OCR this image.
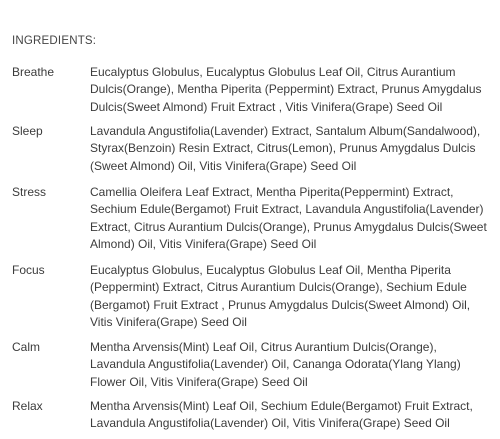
INGREDIENTS:
Breathe	Eucalyptus Globulus, Eucalyptus Globulus Leaf Oil, Citrus Aurantium
Dulcis(Orange), Mentha Piperita (Peppermint) Extract, Prunus Amygdalus
Dulcis(Sweet Almond) Fruit Extract , Vitis Vinifera(Grape) Seed Oil
Sleep	Lavandula Angustifolia(Lavender) Extract, Santalum Album(Sandalwood),
Styrax(Benzoin) Resin Extract, Citrus(Lemon), Prunus Amygdalus Dulcis
(Sweet Almond) Oil, Vitis Vinifera(Grape) Seed Oil
Stress	Camellia Oleifera Leaf Extract, Mentha Piperita(Peppermint) Extract,
Sechium Edule(Bergamot) Fruit Extract, Lavandula Angustifolia(Lavender)
Extract, Citrus Aurantium Dulcis(Orange), Prunus Amygdalus Dulcis(Sweet
Almond) Oil, Vitis Vinifera(Grape) Seed Oil
Focus	Eucalyptus Globulus, Eucalyptus Globulus Leaf Oil, Mentha Piperita
(Peppermint) Extract, Citrus Aurantium Dulcis(Orange), Sechium Edule
(Bergamot) Fruit Extract , Prunus Amygdalus Dulcis(Sweet Almond) Oil,
Vitis Vinifera(Grape) Seed Oil
Calm	Mentha Arvensis(Mint) Leaf Oil, Citrus Aurantium Dulcis(Orange),
Lavandula Angustifolia(Lavender) Oil, Cananga Odorata(Ylang Ylang)
Flower Oil, Vitis Vinifera(Grape) Seed Oil
Relax	Mentha Arvensis(Mint) Leaf Oil, Sechium Edule(Bergamot) Fruit Extract,
Lavandula Angustifolia(Lavender) Oil, Vitis Vinifera(Grape) Seed Oil
